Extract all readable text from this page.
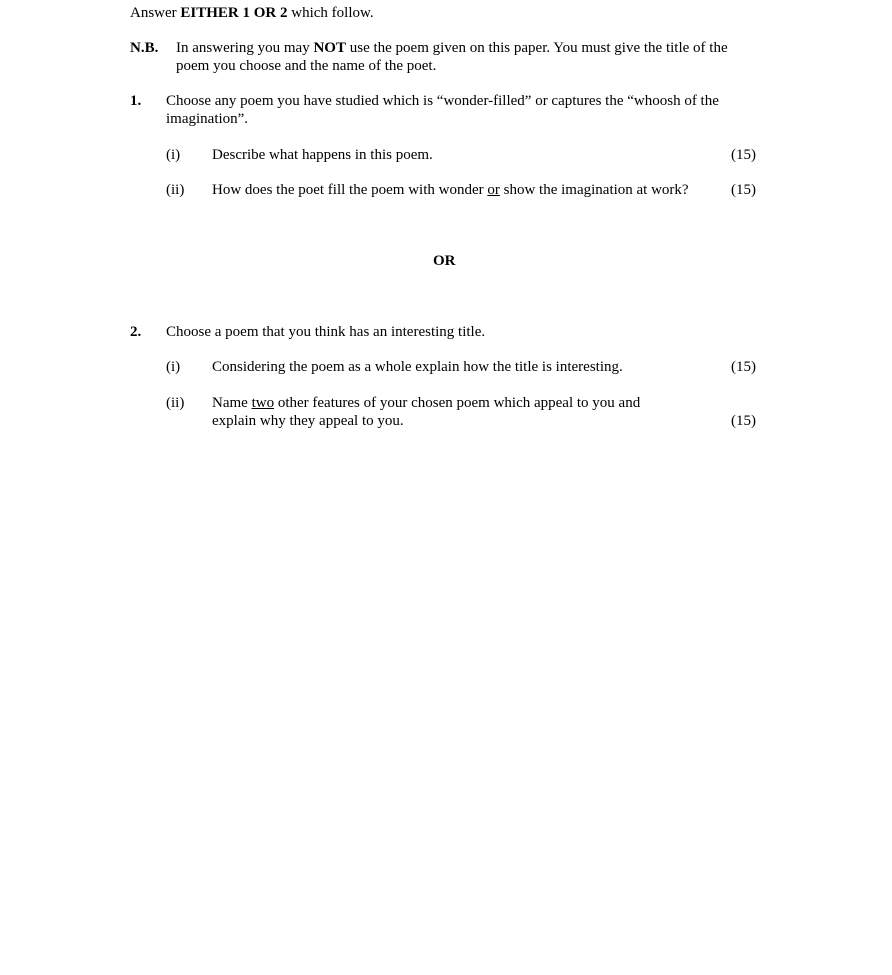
Answer EITHER 1 OR 2 which follow.
N.B. In answering you may NOT use the poem given on this paper. You must give the title of the
poem you choose and the name of the poet.
1. Choose any poem you have studied which is “wonder-filled” or captures the “whoosh of the
imagination”.
(i) Describe what happens in this poem.	(15)
(ii) How does the poet fill the poem with wonder or show the imagination at work?	(15)
OR
2. Choose a poem that you think has an interesting title.
(i) Considering the poem as a whole explain how the title is interesting.	(15)
(ii) Name two other features of your chosen poem which appeal to you and
explain why they appeal to you.	(15)
